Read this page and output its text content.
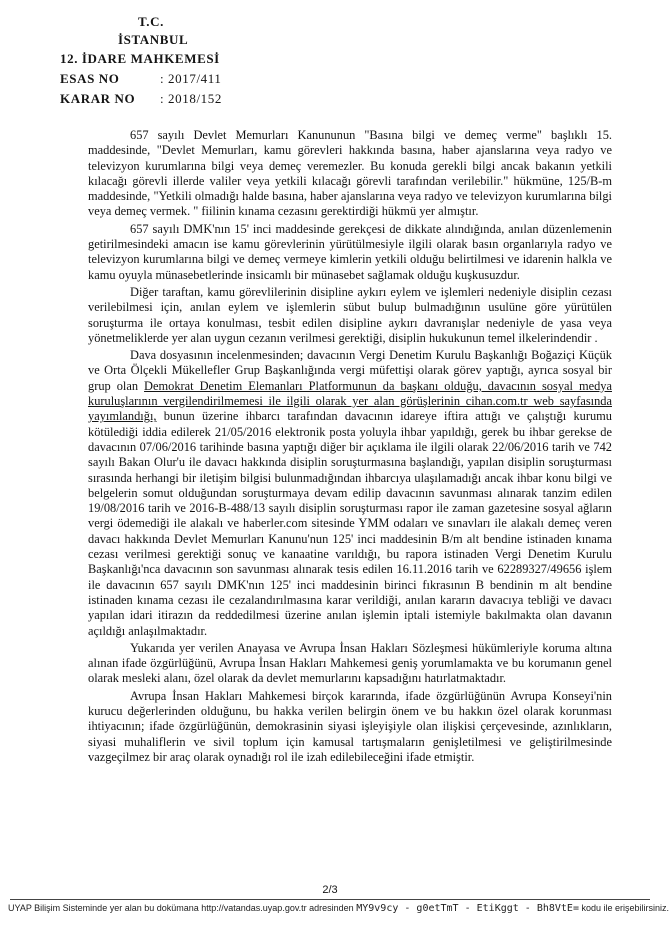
T.C.
İSTANBUL
12. İDARE MAHKEMESİ
ESAS NO	: 2017/411
KARAR NO : 2018/152

657 sayılı Devlet Memurları Kanununun "Basına bilgi ve demeç verme" başlıklı 15. maddesinde, "Devlet Memurları, kamu görevleri hakkında basına, haber ajanslarına veya radyo ve televizyon kurumlarına bilgi veya demeç veremezler. Bu konuda gerekli bilgi ancak bakanın yetkili kılacağı görevli illerde valiler veya yetkili kılacağı görevli tarafından verilebilir." hükmüne, 125/B-m maddesinde, "Yetkili olmadığı halde basına, haber ajanslarına veya radyo ve televizyon kurumlarına bilgi veya demeç vermek. " fiilinin kınama cezasını gerektirdiği hükmü yer almıştır.

657 sayılı DMK'nın 15' inci maddesinde gerekçesi de dikkate alındığında, anılan düzenlemenin getirilmesindeki amacın ise kamu görevlerinin yürütülmesiyle ilgili olarak basın organlarıyla radyo ve televizyon kurumlarına bilgi ve demeç vermeye kimlerin yetkili olduğu belirtilmesi ve idarenin halkla ve kamu oyuyla münasebetlerinde insicamlı bir münasebet sağlamak olduğu kuşkusuzdur.

Diğer taraftan, kamu görevlilerinin disipline aykırı eylem ve işlemleri nedeniyle disiplin cezası verilebilmesi için, anılan eylem ve işlemlerin sübut bulup bulmadığının usulüne göre yürütülen soruşturma ile ortaya konulması, tesbit edilen disipline aykırı davranışlar nedeniyle de yasa veya yönetmeliklerde yer alan uygun cezanın verilmesi gerektiği, disiplin hukukunun temel ilkelerindendir .

Dava dosyasının incelenmesinden; davacının Vergi Denetim Kurulu Başkanlığı Boğaziçi Küçük ve Orta Ölçekli Mükellefler Grup Başkanlığında vergi müfettişi olarak görev yaptığı, ayrıca sosyal bir grup olan Demokrat Denetim Elemanları Platformunun da başkanı olduğu, davacının sosyal medya kuruluşlarının vergilendirilmemesi ile ilgili olarak yer alan görüşlerinin cihan.com.tr web sayfasında yayımlandığı, bunun üzerine ihbarcı tarafından davacının idareye iftira attığı ve çalıştığı kurumu kötülediği iddia edilerek 21/05/2016 elektronik posta yoluyla ihbar yapıldığı, gerek bu ihbar gerekse de davacının 07/06/2016 tarihinde basına yaptığı diğer bir açıklama ile ilgili olarak 22/06/2016 tarih ve 742 sayılı Bakan Olur'u ile davacı hakkında disiplin soruşturmasına başlandığı, yapılan disiplin soruşturması sırasında herhangi bir iletişim bilgisi bulunmadığından ihbarcıya ulaşılamadığı ancak ihbar konu bilgi ve belgelerin somut olduğundan soruşturmaya devam edilip davacının savunması alınarak tanzim edilen 19/08/2016 tarih ve 2016-B-488/13 sayılı disiplin soruşturması rapor ile zaman gazetesine sosyal ağların vergi ödemediği ile alakalı ve haberler.com sitesinde YMM odaları ve sınavları ile alakalı demeç veren davacı hakkında Devlet Memurları Kanunu'nun 125' inci maddesinin B/m alt bendine istinaden kınama cezası verilmesi gerektiği sonuç ve kanaatine varıldığı, bu rapora istinaden Vergi Denetim Kurulu Başkanlığı'nca davacının son savunması alınarak tesis edilen 16.11.2016 tarih ve 62289327/49656 işlem ile davacının 657 sayılı DMK'nın 125' inci maddesinin birinci fıkrasının B bendinin m alt bendine istinaden kınama cezası ile cezalandırılmasına karar verildiği, anılan kararın davacıya tebliği ve davacı yapılan idari itirazın da reddedilmesi üzerine anılan işlemin iptali istemiyle bakılmakta olan davanın açıldığı anlaşılmaktadır.

Yukarıda yer verilen Anayasa ve Avrupa İnsan Hakları Sözleşmesi hükümleriyle koruma altına alınan ifade özgürlüğünü, Avrupa İnsan Hakları Mahkemesi geniş yorumlamakta ve bu korumanın genel olarak mesleki alanı, özel olarak da devlet memurlarını kapsadığını hatırlatmaktadır.

Avrupa İnsan Hakları Mahkemesi birçok kararında, ifade özgürlüğünün Avrupa Konseyi'nin kurucu değerlerinden olduğunu, bu hakka verilen belirgin önem ve bu hakkın özel olarak korunması ihtiyacının; ifade özgürlüğünün, demokrasinin siyasi işleyişiyle olan ilişkisi çerçevesinde, azınlıkların, siyasi muhaliflerin ve sivil toplum için kamusal tartışmaların genişletilmesi ve geliştirilmesinde vazgeçilmez bir araç olarak oynadığı rol ile izah edilebileceğini ifade etmiştir.

2/3
UYAP Bilişim Sisteminde yer alan bu dokümana http://vatandas.uyap.gov.tr adresinden MY9v9cy - g0etTmT - EtiKggt - Bh8VtE= kodu ile erişebilirsiniz.
